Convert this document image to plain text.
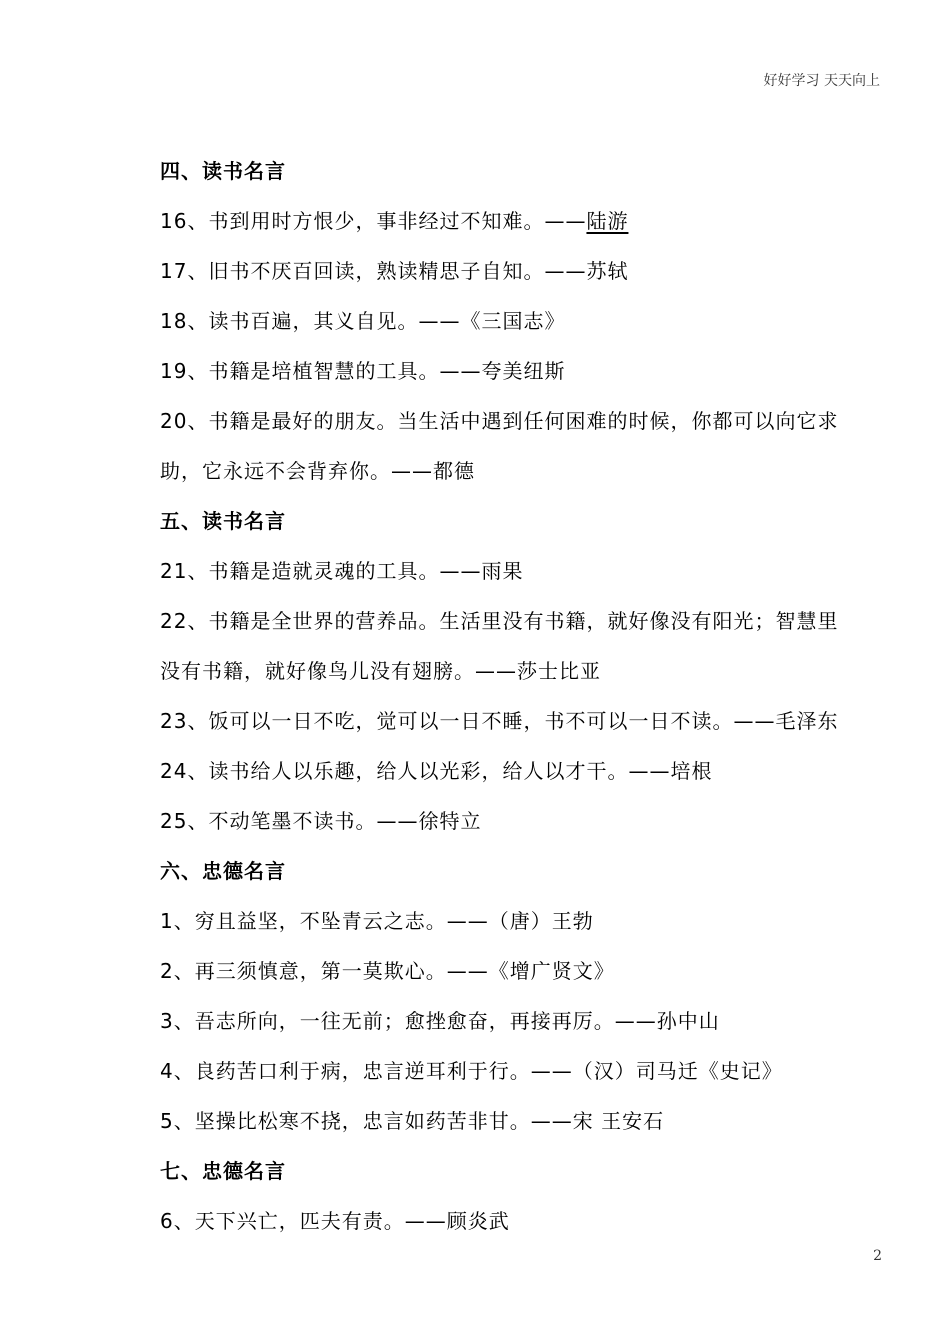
好好学习 天天向上
四、读书名言
16、书到用时方恨少，事非经过不知难。——陆游
17、旧书不厌百回读，熟读精思子自知。——苏轼
18、读书百遍，其义自见。——《三国志》
19、书籍是培植智慧的工具。——夸美纽斯
20、书籍是最好的朋友。当生活中遇到任何困难的时候，你都可以向它求
助，它永远不会背弃你。——都德
五、读书名言
21、书籍是造就灵魂的工具。——雨果
22、书籍是全世界的营养品。生活里没有书籍，就好像没有阳光；智慧里
没有书籍，就好像鸟儿没有翅膀。——莎士比亚
23、饭可以一日不吃，觉可以一日不睡，书不可以一日不读。——毛泽东
24、读书给人以乐趣，给人以光彩，给人以才干。——培根
25、不动笔墨不读书。——徐特立
六、忠德名言
1、穷且益坚，不坠青云之志。——（唐）王勃
2、再三须慎意，第一莫欺心。——《增广贤文》
3、吾志所向，一往无前；愈挫愈奋，再接再厉。——孙中山
4、良药苦口利于病，忠言逆耳利于行。——（汉）司马迁《史记》
5、坚操比松寒不挠，忠言如药苦非甘。——宋 王安石
七、忠德名言
6、天下兴亡，匹夫有责。——顾炎武
2
